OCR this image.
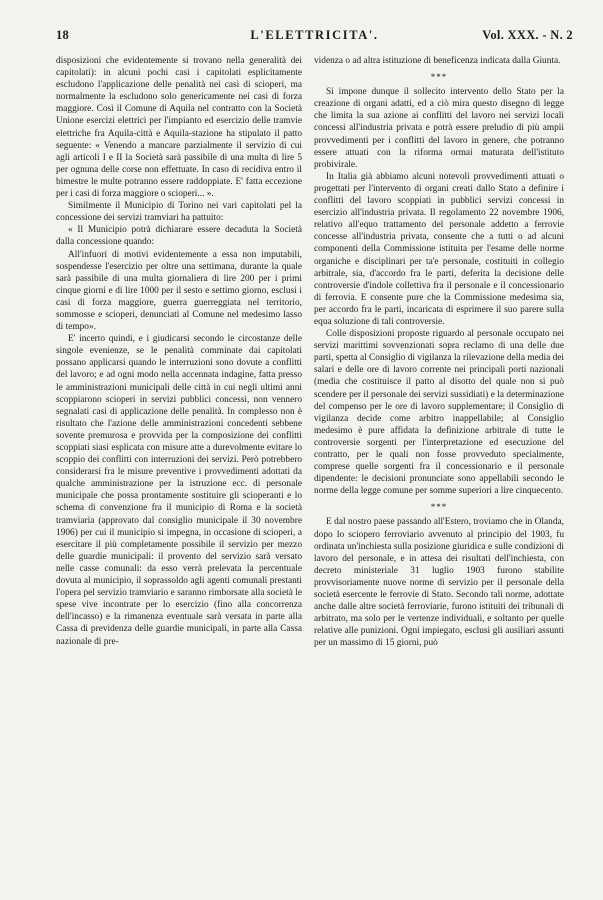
18	L'ELETTRICITA'.	Vol. XXX. - N. 2

disposizioni che evidentemente si trovano nella generalità dei capitolati): in alcuni pochi casi i capitolati esplicitamente escludono l'applicazione delle penalità nei casi di scioperi, ma normalmente la escludono solo genericamente nei casi di forza maggiore. Così il Comune di Aquila nel contratto con la Società Unione esercizi elettrici per l'impianto ed esercizio delle tramvie elettriche fra Aquila-città e Aquila-stazione ha stipulato il patto seguente: « Venendo a mancare parzialmente il servizio di cui agli articoli I e II la Società sarà passibile di una multa di lire 5 per ognuna delle corse non effettuate. In caso di recidiva entro il bimestre le multe potranno essere raddoppiate. E' fatta eccezione per i casi di forza maggiore o scioperi... ».

Similmente il Municipio di Torino nei vari capitolati pel la concessione dei servizi tramviari ha pattuito:

« Il Municipio potrà dichiarare essere decaduta la Società dalla concessione quando:

All'infuori di motivi evidentemente a essa non imputabili, sospendesse l'esercizio per oltre una settimana, durante la quale sarà passibile di una multa giornaliera di lire 200 per i primi cinque giorni e di lire 1000 per il sesto e settimo giorno, esclusi i casi di forza maggiore, guerra guerreggiata nel territorio, sommosse e scioperi, denunciati al Comune nel medesimo lasso di tempo».

E' incerto quindi, e i giudicarsi secondo le circostanze delle singole evenienze, se le penalità comminate dai capitolati possano applicarsi quando le interruzioni sono dovute a conflitti del lavoro; e ad ogni modo nella accennata indagine, fatta presso le amministrazioni municipali delle città in cui negli ultimi anni scoppiarono scioperi in servizi pubblici concessi, non vennero segnalati casi di applicazione delle penalità. In complesso non è risultato che l'azione delle amministrazioni concedenti sebbene sovente premurosa e provvida per la composizione dei conflitti scoppiati siasi esplicata con misure atte a durevolmente evitare lo scoppio dei conflitti con interruzioni dei servizi. Però potrebbero considerarsi fra le misure preventive i provvedimenti adottati da qualche amministrazione per la istruzione ecc. di personale municipale che possa prontamente sostituire gli scioperanti e lo schema di convenzione fra il municipio di Roma e la società tramviaria (approvato dal consiglio municipale il 30 novembre 1906) per cui il municipio si impegna, in occasione di scioperi, a esercitare il più completamente possibile il servizio per mezzo delle guardie municipali: il provento del servizio sarà versato nelle casse comunali: da esso verrà prelevata la percentuale dovuta al municipio, il soprassoldo agli agenti comunali prestanti l'opera pel servizio tramviario e saranno rimborsate alla società le spese vive incontrate per lo esercizio (fino alla concorrenza dell'incasso) e la rimanenza eventuale sarà versata in parte alla Cassa di previdenza delle guardie municipali, in parte alla Cassa nazionale di pre-

videnza o ad altra istituzione di beneficenza indicata dalla Giunta.

***

Si impone dunque il sollecito intervento dello Stato per la creazione di organi adatti, ed a ciò mira questo disegno di legge che limita la sua azione ai conflitti del lavoro nei servizi locali concessi all'industria privata e potrà essere preludio di più ampii provvedimenti per i conflitti del lavoro in genere, che potranno essere attuati con la riforma ormai maturata dell'istituto probivirale.

In Italia già abbiamo alcuni notevoli provvedimenti attuati o progettati per l'intervento di organi creati dallo Stato a definire i conflitti del lavoro scoppiati in pubblici servizi concessi in esercizio all'industria privata. Il regolamento 22 novembre 1906, relativo all'equo trattamento del personale addetto a ferrovie concesse all'industria privata, consente che a tutti o ad alcuni componenti della Commissione istituita per l'esame delle norme organiche e disciplinari per ta'e personale, costituiti in collegio arbitrale, sia, d'accordo fra le parti, deferita la decisione delle controversie d'indole collettiva fra il personale e il concessionario di ferrovia. E consente pure che la Commissione medesima sia, per accordo fra le parti, incaricata di esprimere il suo parere sulla equa soluzione di tali controversie.

Colle disposizioni proposte riguardo al personale occupato nei servizi marittimi sovvenzionati sopra reclamo di una delle due parti, spetta al Consiglio di vigilanza la rilevazione della media dei salari e delle ore di lavoro corrente nei principali porti nazionali (media che costituisce il patto al disotto del quale non si può scendere per il personale dei servizi sussidiati) e la determinazione del compenso per le ore di lavoro supplementare; il Consiglio di vigilanza decide come arbitro inappellabile; al Consiglio medesimo è pure affidata la definizione arbitrale di tutte le controversie sorgenti per l'interpretazione ed esecuzione del contratto, per le quali non fosse provveduto specialmente, comprese quelle sorgenti fra il concessionario e il personale dipendente: le decisioni pronunciate sono appellabili secondo le norme della legge comune per somme superiori a lire cinquecento.

***

E dal nostro paese passando all'Estero, troviamo che in Olanda, dopo lo sciopero ferroviario avvenuto al principio del 1903, fu ordinata un'inchiesta sulla posizione giuridica e sulle condizioni di lavoro del personale, e in attesa dei risultati dell'inchiesta, con decreto ministeriale 31 luglio 1903 furono stabilite provvisoriamente nuove norme di servizio per il personale della società esercente le ferrovie di Stato. Secondo tali norme, adottate anche dalle altre società ferroviarie, furono istituiti dei tribunali di arbitrato, ma solo per le vertenze individuali, e soltanto per quelle relative alle punizioni. Ogni impiegato, esclusi gli ausiliari assunti per un massimo di 15 giorni, può
